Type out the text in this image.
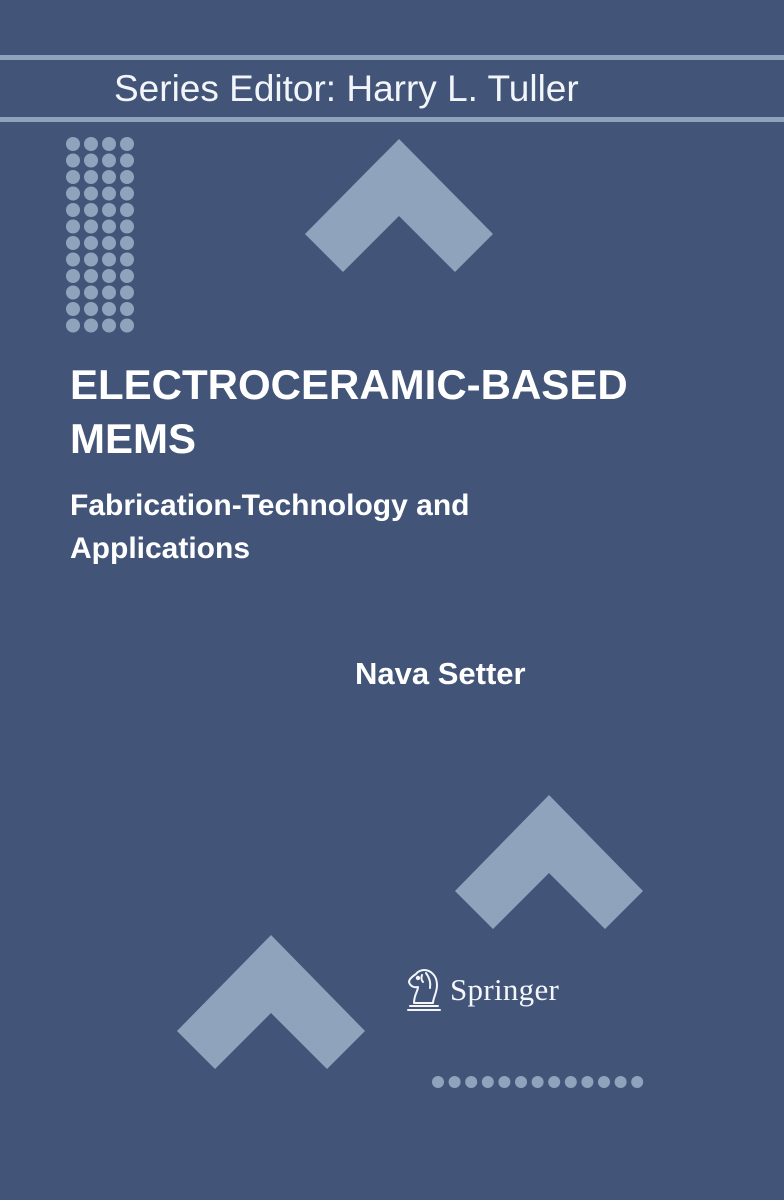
Series Editor: Harry L. Tuller
ELECTROCERAMIC-BASED
MEMS
Fabrication-Technology and
Applications
Nava Setter
Springer
